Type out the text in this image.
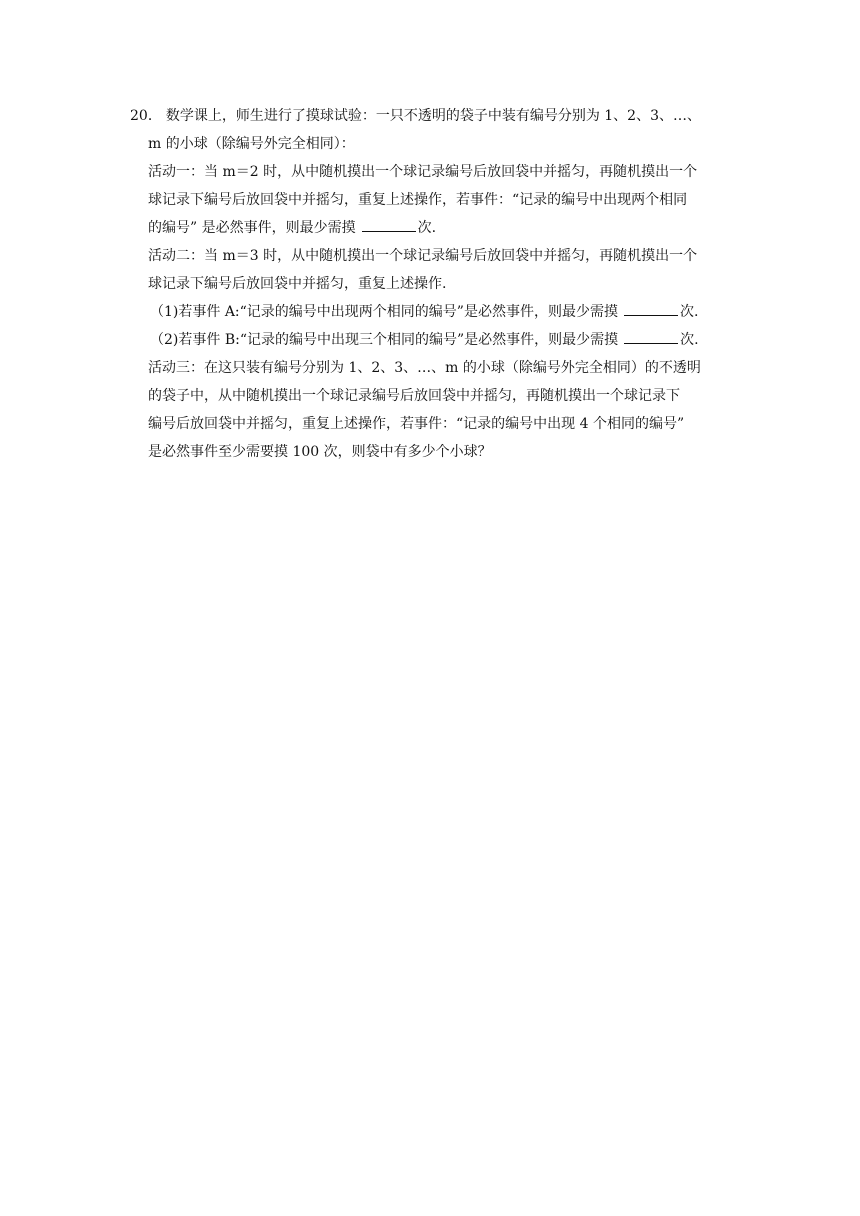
20． 数学课上，师生进行了摸球试验：一只不透明的袋子中装有编号分别为 1、2、3、…、
m 的小球（除编号外完全相同）：
活动一：当 m＝2 时，从中随机摸出一个球记录编号后放回袋中并摇匀，再随机摸出一个
球记录下编号后放回袋中并摇匀，重复上述操作，若事件：“记录的编号中出现两个相同
的编号” 是必然事件，则最少需摸	次.
活动二：当 m＝3 时，从中随机摸出一个球记录编号后放回袋中并摇匀，再随机摸出一个
球记录下编号后放回袋中并摇匀，重复上述操作.
（1)若事件 A:“记录的编号中出现两个相同的编号”是必然事件，则最少需摸	次.
（2)若事件 B:“记录的编号中出现三个相同的编号”是必然事件，则最少需摸	次.
活动三：在这只装有编号分别为 1、2、3、…、m 的小球（除编号外完全相同）的不透明
的袋子中，从中随机摸出一个球记录编号后放回袋中并摇匀，再随机摸出一个球记录下
编号后放回袋中并摇匀，重复上述操作，若事件：“记录的编号中出现 4 个相同的编号”
是必然事件至少需要摸 100 次，则袋中有多少个小球？
